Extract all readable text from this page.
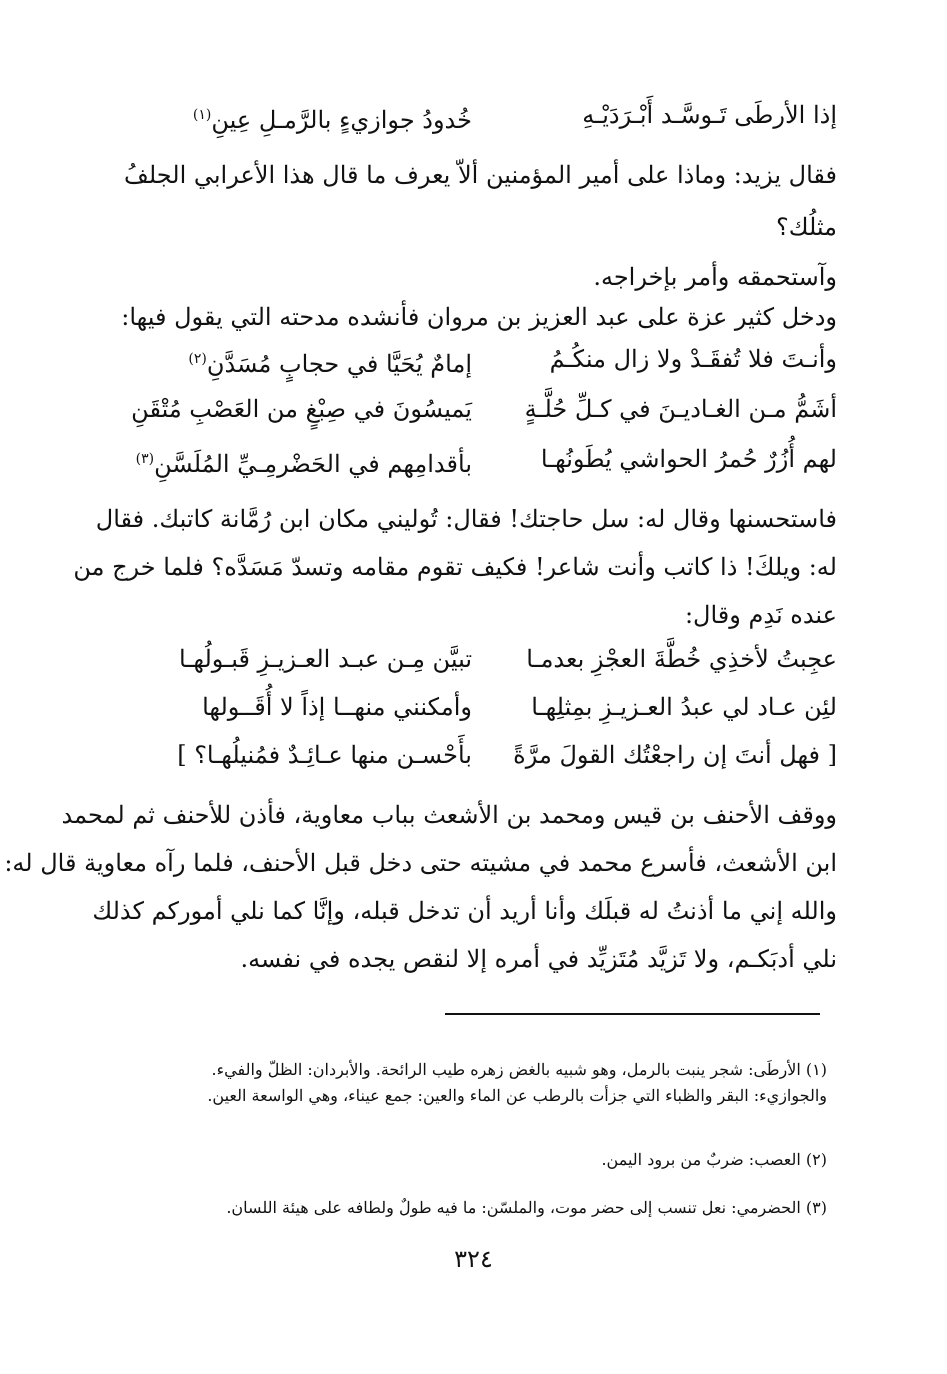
إذا الأرطَى تَـوسَّـد أَبْـرَدَيْـهِ
خُدودُ جوازيءٍ بالرَّمـلِ عِينِ$^{(١)}$
فقال يزيد: وماذا على أمير المؤمنين ألاّ يعرف ما قال هذا الأعرابي الجلفُ
مثلُك؟
وآستحمقه وأمر بإخراجه.
ودخل كثير عزة على عبد العزيز بن مروان فأنشده مدحته التي يقول فيها:
وأنـتَ فلا تُفقَـدْ ولا زال منكُـمُ
إمامٌ يُحَيَّا في حجابٍ مُسَدَّنِ$^{(٢)}$
أشَمُّ مـن الغـاديـنَ في كـلِّ حُلَّـةٍ
يَميسُونَ في صِبْغٍ من العَصْبِ مُتْقَنِ
لهم أُزُرٌ حُمرُ الحواشي يُطَونُهـا
بأقدامِهم في الحَضْرمِـيِّ المُلَسَّنِ$^{(٣)}$
فاستحسنها وقال له: سل حاجتك! فقال: تُوليني مكان ابن رُمَّانة كاتبك. فقال
له: ويلكَ! ذا كاتب وأنت شاعر! فكيف تقوم مقامه وتسدّ مَسَدَّه؟ فلما خرج من
عنده نَدِم وقال:
عجِبتُ لأخذِي خُطَّةَ العجْزِ بعدمـا
تبيَّن مِـن عبـد العـزيـزِ قَبـولُهـا
لئِن عـاد لي عبدُ العـزيـزِ بمِثلِهـا
وأمكنني منهــا إذاً لا أُقَــولها
[ فهل أنتَ إن راجعْتُك القولَ مرَّةً
بأَحْسـن منها عـائِـدٌ فمُنيلُهـا؟ ]
ووقف الأحنف بن قيس ومحمد بن الأشعث بباب معاوية، فأذن للأحنف ثم لمحمد
ابن الأشعث، فأسرع محمد في مشيته حتى دخل قبل الأحنف، فلما رآه معاوية قال له:
والله إني ما أذنتُ له قبلَك وأنا أريد أن تدخل قبله، وإنَّا كما نلي أموركم كذلك
نلي أدبَكـم، ولا تَزيَّد مُتَزيِّد في أمره إلا لنقص يجده في نفسه.
(١) الأرطَى: شجر ينبت بالرمل، وهو شبيه بالغض زهره طيب الرائحة. والأبردان: الظلّ والفيء.
والجوازيء: البقر والظباء التي جزأت بالرطب عن الماء والعين: جمع عيناء، وهي الواسعة العين.
(٢) العصب: ضربٌ من برود اليمن.
(٣) الحضرمي: نعل تنسب إلى حضر موت، والملسّن: ما فيه طولٌ ولطافه على هيئة اللسان.
٣٢٤
